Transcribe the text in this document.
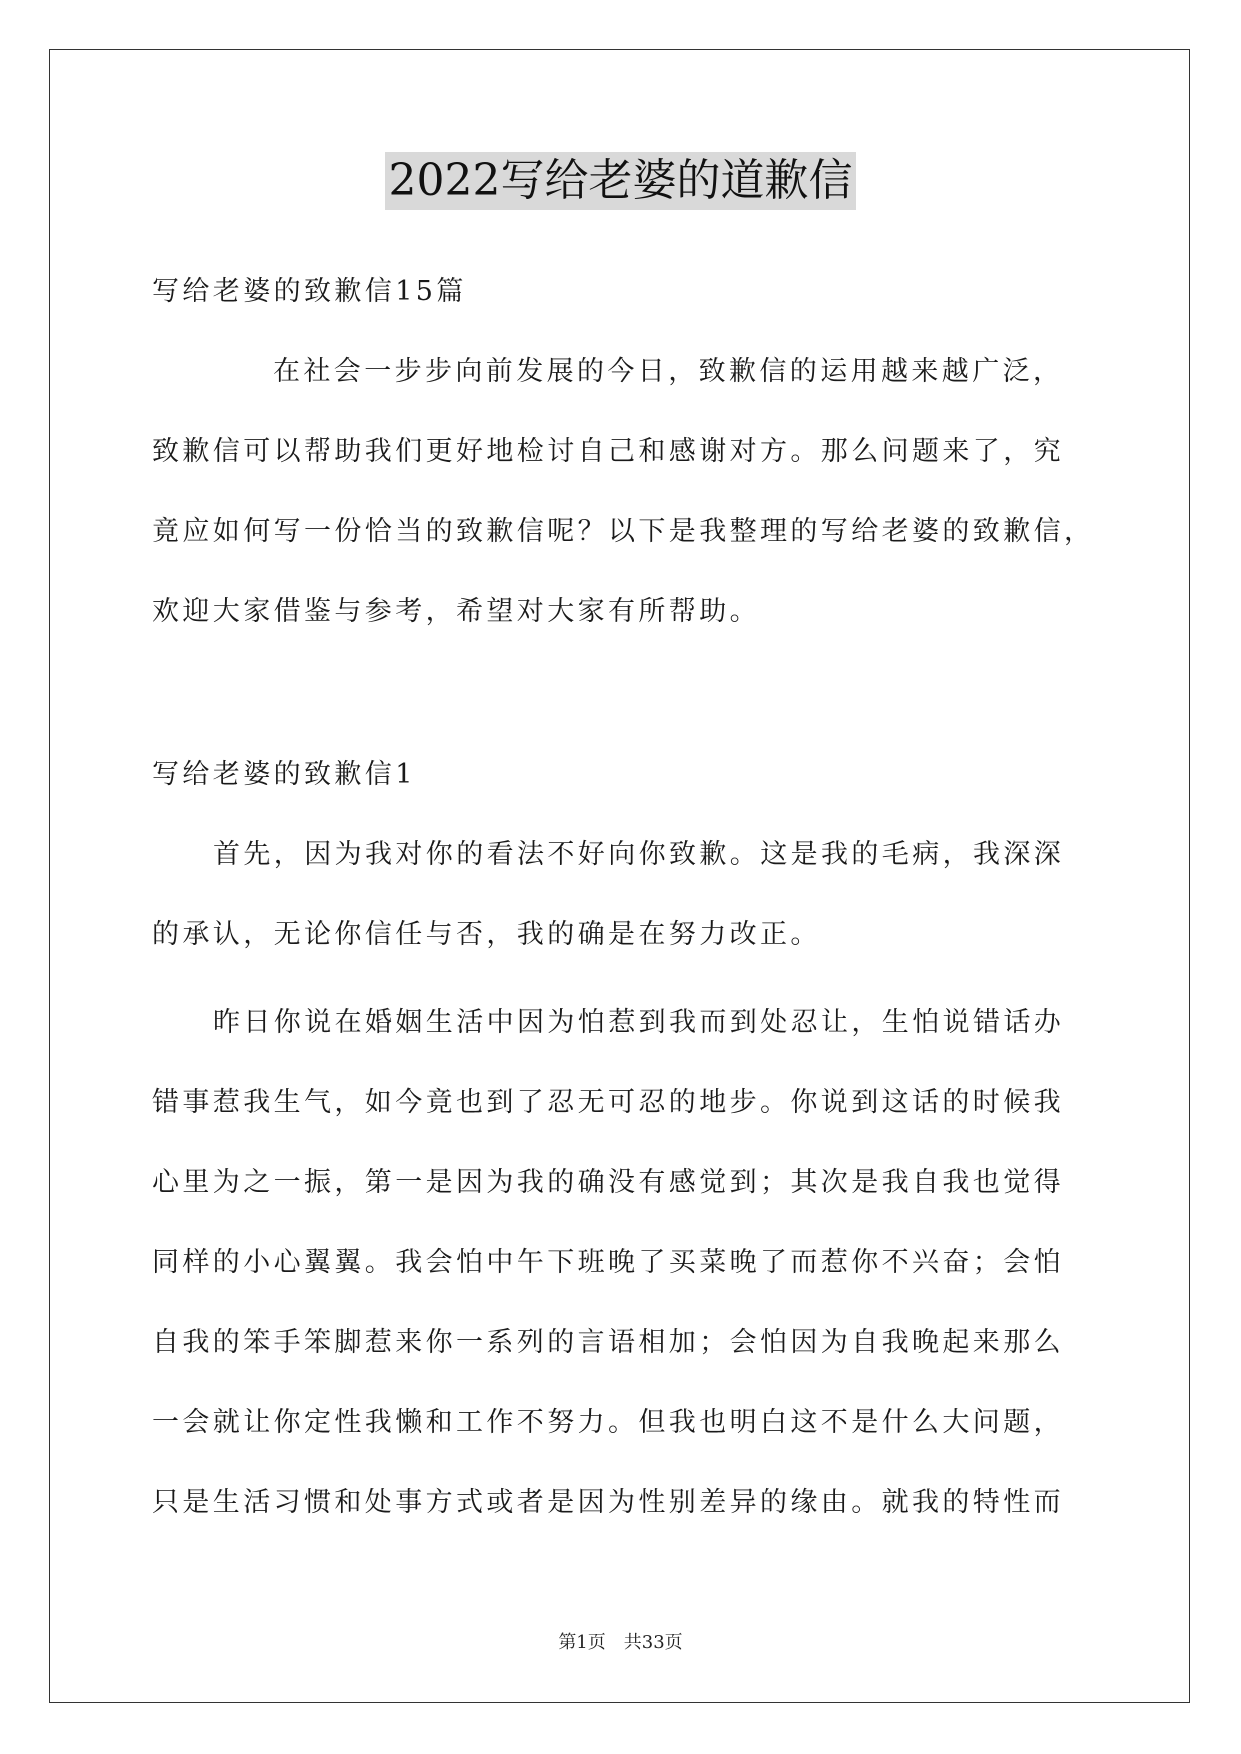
2022写给老婆的道歉信
写给老婆的致歉信15篇
在社会一步步向前发展的今日，致歉信的运用越来越广泛，
致歉信可以帮助我们更好地检讨自己和感谢对方。那么问题来了，究
竟应如何写一份恰当的致歉信呢？以下是我整理的写给老婆的致歉信，
欢迎大家借鉴与参考，希望对大家有所帮助。
写给老婆的致歉信1
首先，因为我对你的看法不好向你致歉。这是我的毛病，我深深
的承认，无论你信任与否，我的确是在努力改正。
昨日你说在婚姻生活中因为怕惹到我而到处忍让，生怕说错话办
错事惹我生气，如今竟也到了忍无可忍的地步。你说到这话的时候我
心里为之一振，第一是因为我的确没有感觉到；其次是我自我也觉得
同样的小心翼翼。我会怕中午下班晚了买菜晚了而惹你不兴奋；会怕
自我的笨手笨脚惹来你一系列的言语相加；会怕因为自我晚起来那么
一会就让你定性我懒和工作不努力。但我也明白这不是什么大问题，
只是生活习惯和处事方式或者是因为性别差异的缘由。就我的特性而
第1页　共33页
